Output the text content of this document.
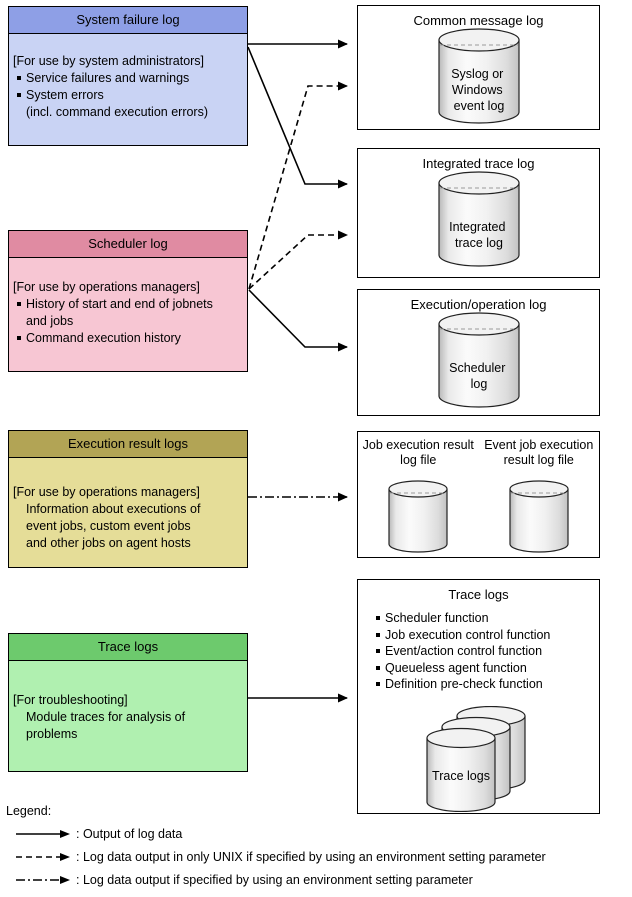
System failure log
[For use by system administrators]
Service failures and warnings
System errors
(incl. command execution errors)
Scheduler log
[For use by operations managers]
History of start and end of jobnets
and jobs
Command execution history
Execution result logs
[For use by operations managers]
Information about executions of
event jobs, custom event jobs
and other jobs on agent hosts
Trace logs
[For troubleshooting]
Module traces for analysis of
problems
Common message log
Syslog or Windows event log
Integrated trace log
Integrated trace log
Execution/operation log
Scheduler log
Job execution result
log file
Event job execution
result log file
Trace logs
Scheduler function
Job execution control function
Event/action control function
Queueless agent function
Definition pre-check function
Trace logs
Legend:
: Output of log data
: Log data output in only UNIX if specified by using an environment setting parameter
: Log data output if specified by using an environment setting parameter
